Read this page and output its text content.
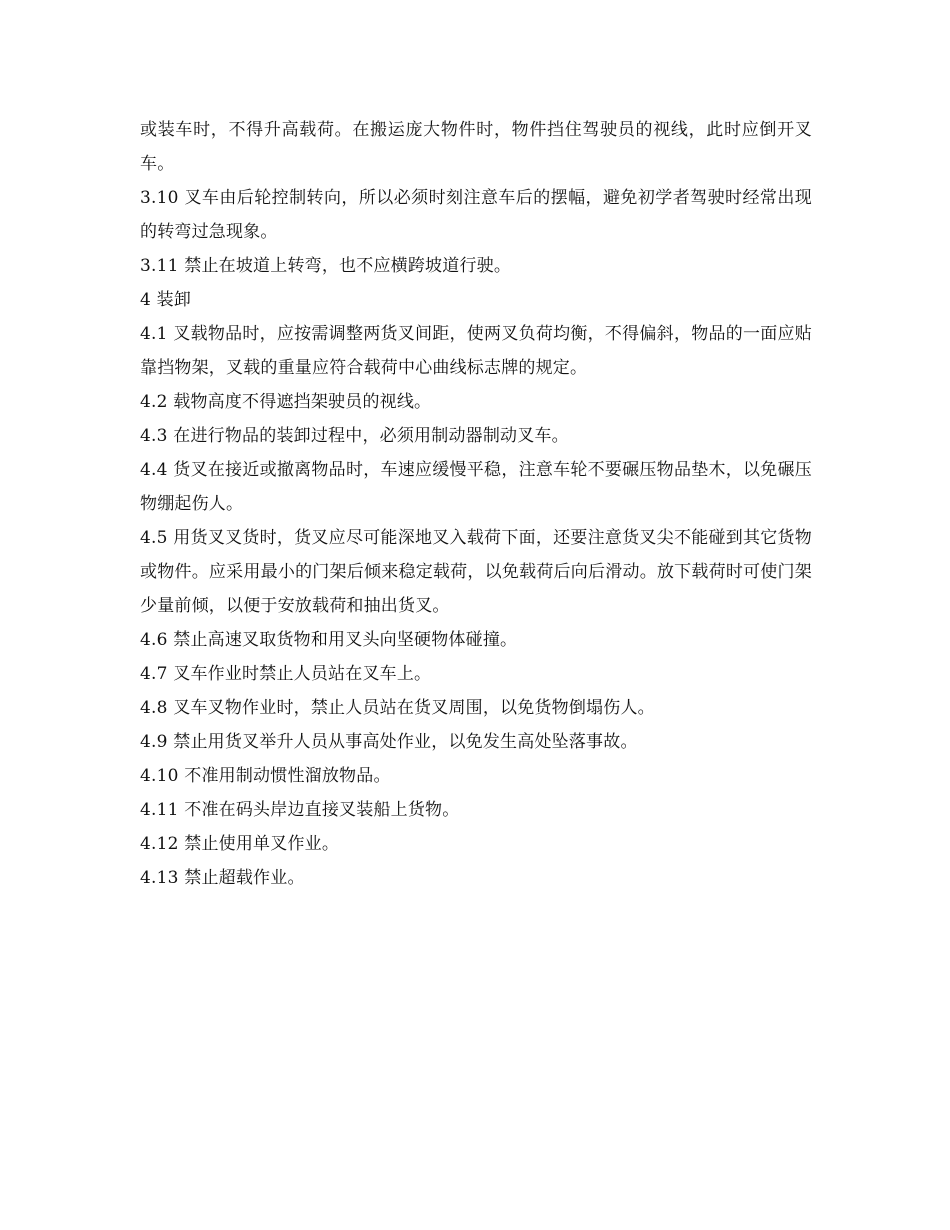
或装车时，不得升高载荷。在搬运庞大物件时，物件挡住驾驶员的视线，此时应倒开叉车。

3.10 叉车由后轮控制转向，所以必须时刻注意车后的摆幅，避免初学者驾驶时经常出现的转弯过急现象。

3.11 禁止在坡道上转弯，也不应横跨坡道行驶。

4 装卸

4.1 叉载物品时，应按需调整两货叉间距，使两叉负荷均衡，不得偏斜，物品的一面应贴靠挡物架，叉载的重量应符合载荷中心曲线标志牌的规定。

4.2 载物高度不得遮挡架驶员的视线。

4.3 在进行物品的装卸过程中，必须用制动器制动叉车。

4.4 货叉在接近或撤离物品时，车速应缓慢平稳，注意车轮不要碾压物品垫木，以免碾压物绷起伤人。

4.5 用货叉叉货时，货叉应尽可能深地叉入载荷下面，还要注意货叉尖不能碰到其它货物或物件。应采用最小的门架后倾来稳定载荷，以免载荷后向后滑动。放下载荷时可使门架少量前倾，以便于安放载荷和抽出货叉。

4.6 禁止高速叉取货物和用叉头向坚硬物体碰撞。

4.7 叉车作业时禁止人员站在叉车上。

4.8 叉车叉物作业时，禁止人员站在货叉周围，以免货物倒塌伤人。

4.9 禁止用货叉举升人员从事高处作业，以免发生高处坠落事故。

4.10 不准用制动惯性溜放物品。

4.11 不准在码头岸边直接叉装船上货物。

4.12 禁止使用单叉作业。

4.13 禁止超载作业。
